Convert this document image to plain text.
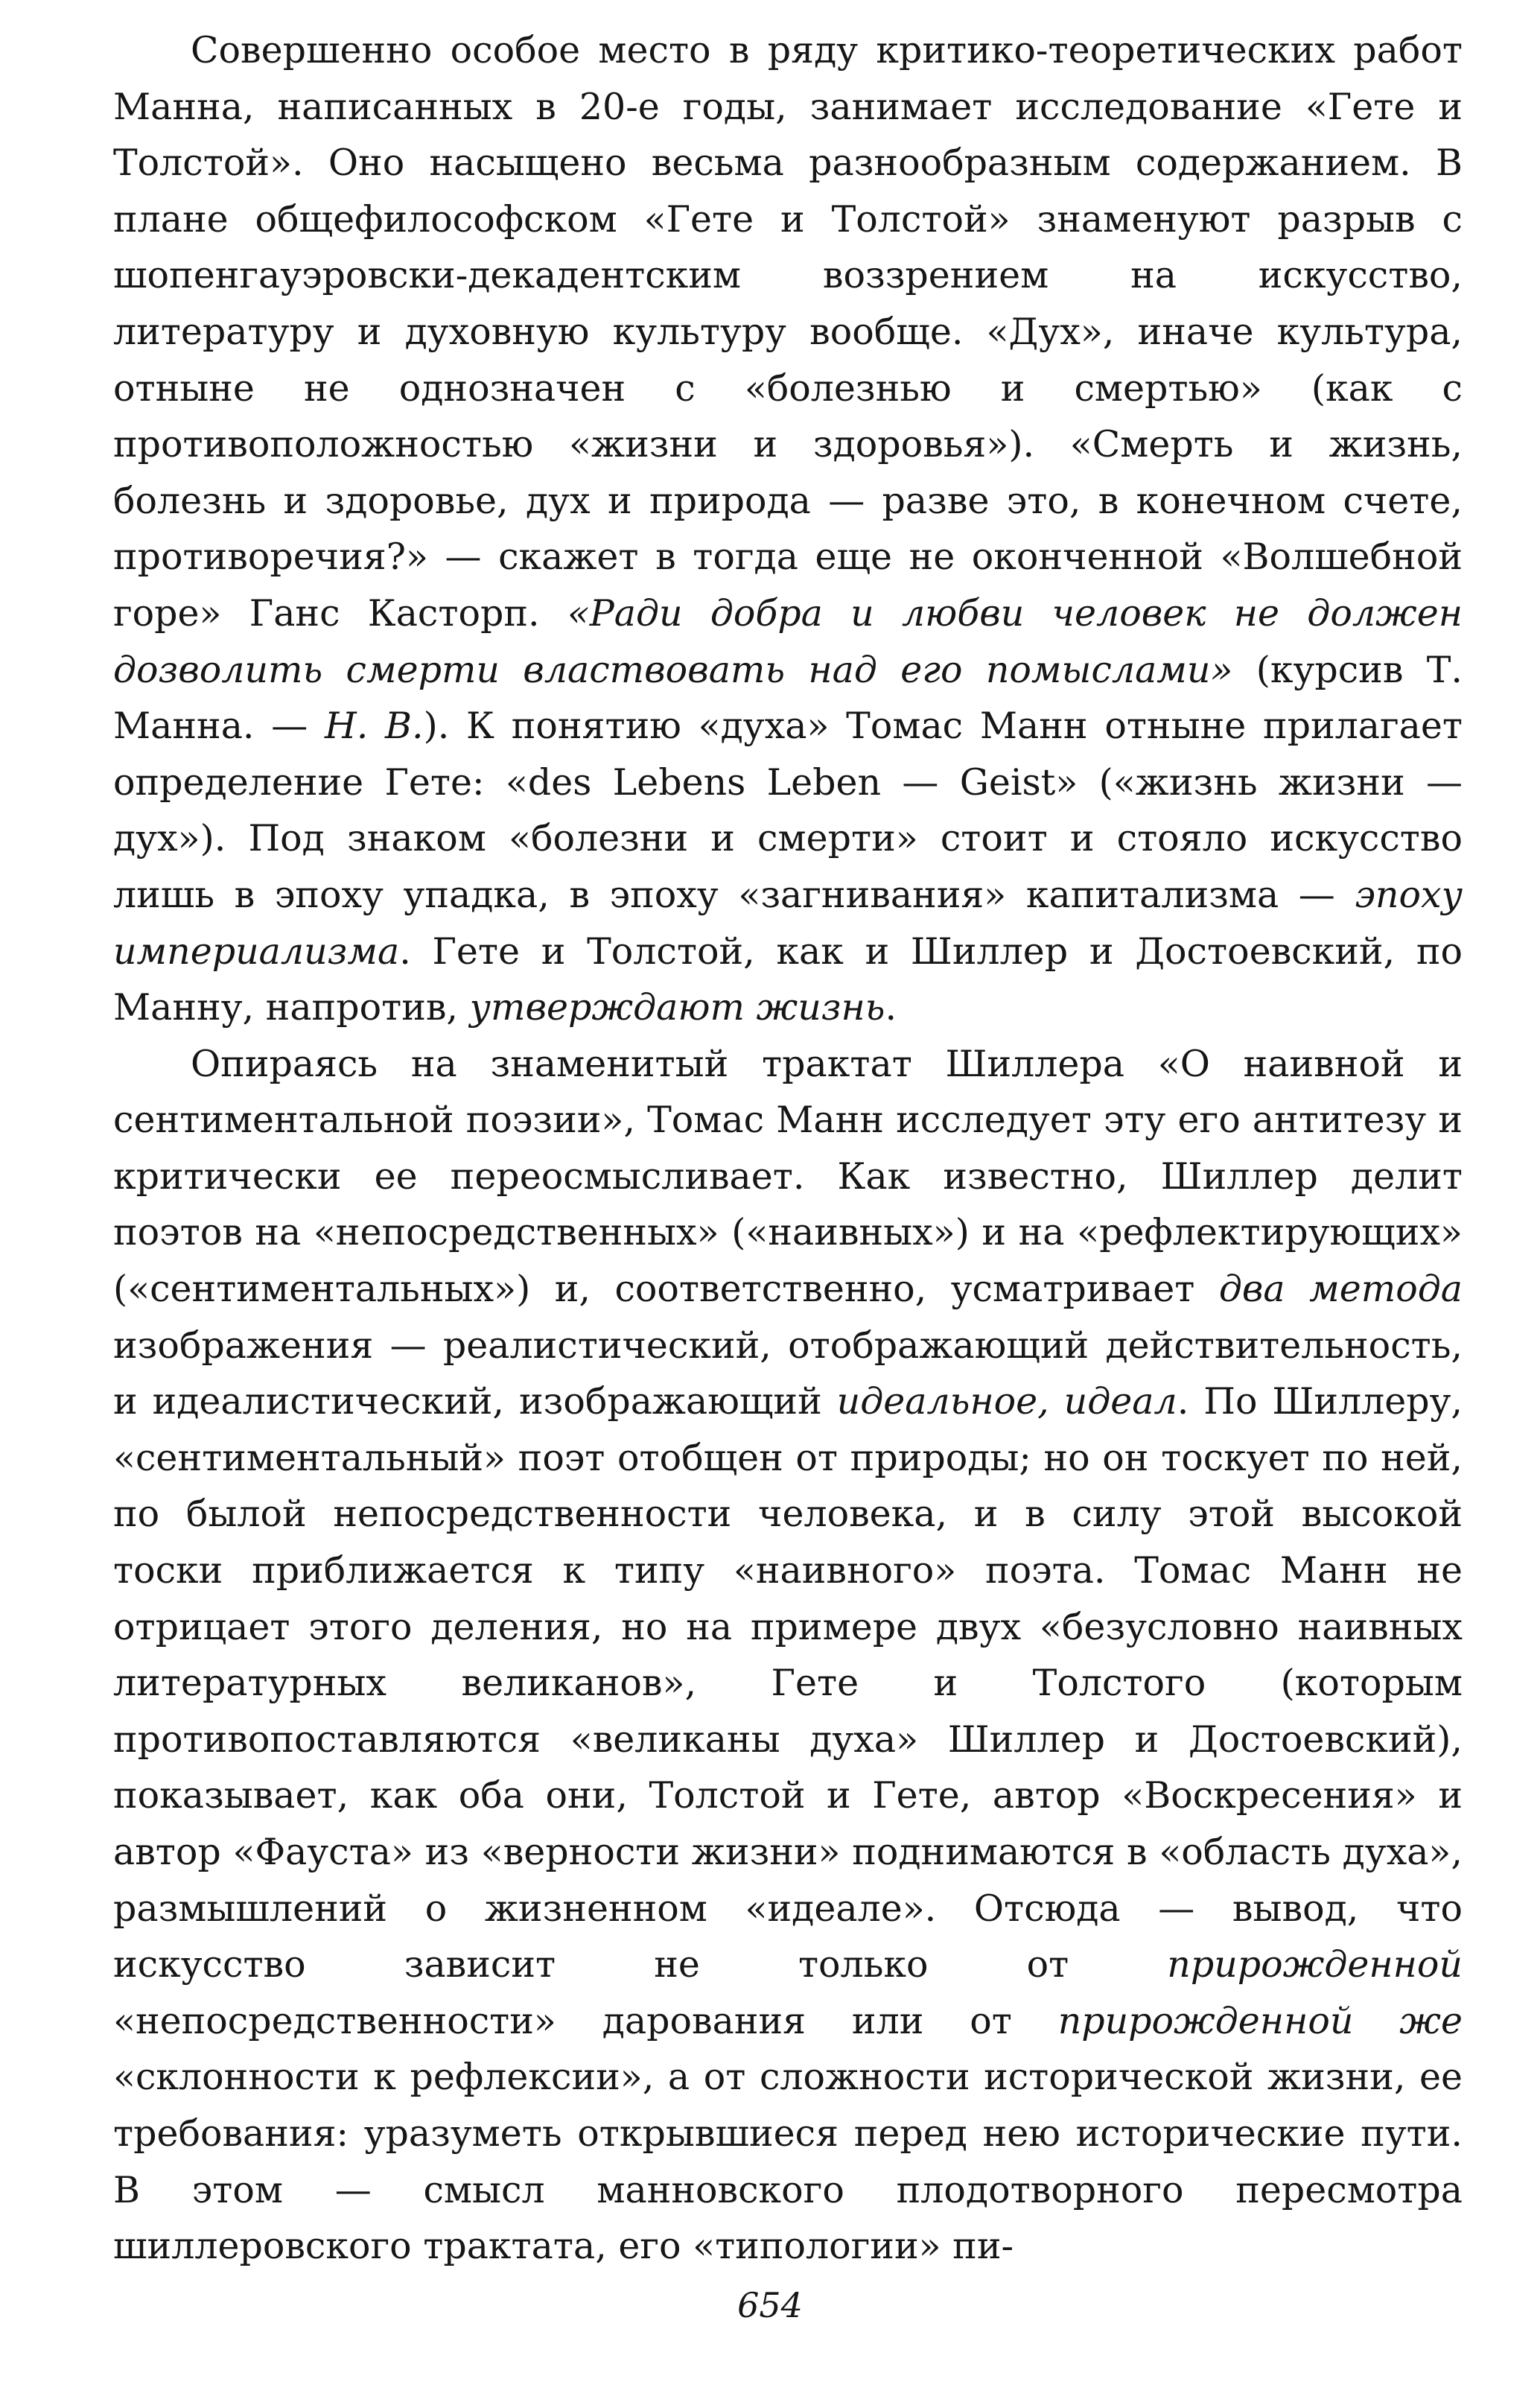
Совершенно особое место в ряду критико-теоретических работ Манна, написанных в 20-е годы, занимает исследование «Гете и Толстой». Оно насыщено весьма разнообразным содержанием. В плане общефилософском «Гете и Толстой» знаменуют разрыв с шопенгауэровски-декадентским воззрением на искусство, литературу и духовную культуру вообще. «Дух», иначе культура, отныне не однозначен с «болезнью и смертью» (как с противоположностью «жизни и здоровья»). «Смерть и жизнь, болезнь и здоровье, дух и природа — разве это, в конечном счете, противоречия?» — скажет в тогда еще не оконченной «Волшебной горе» Ганс Касторп. «Ради добра и любви человек не должен дозволить смерти властвовать над его помыслами» (курсив Т. Манна. — Н. В.). К понятию «духа» Томас Манн отныне прилагает определение Гете: «des Lebens Leben — Geist» («жизнь жизни — дух»). Под знаком «болезни и смерти» стоит и стояло искусство лишь в эпоху упадка, в эпоху «загнивания» капитализма — эпоху империализма. Гете и Толстой, как и Шиллер и Достоевский, по Манну, напротив, утверждают жизнь.

Опираясь на знаменитый трактат Шиллера «О наивной и сентиментальной поэзии», Томас Манн исследует эту его антитезу и критически ее переосмысливает. Как известно, Шиллер делит поэтов на «непосредственных» («наивных») и на «рефлектирующих» («сентиментальных») и, соответственно, усматривает два метода изображения — реалистический, отображающий действительность, и идеалистический, изображающий идеальное, идеал. По Шиллеру, «сентиментальный» поэт отобщен от природы; но он тоскует по ней, по былой непосредственности человека, и в силу этой высокой тоски приближается к типу «наивного» поэта. Томас Манн не отрицает этого деления, но на примере двух «безусловно наивных литературных великанов», Гете и Толстого (которым противопоставляются «великаны духа» Шиллер и Достоевский), показывает, как оба они, Толстой и Гете, автор «Воскресения» и автор «Фауста» из «верности жизни» поднимаются в «область духа», размышлений о жизненном «идеале». Отсюда — вывод, что искусство зависит не только от прирожденной «непосредственности» дарования или от прирожденной же «склонности к рефлексии», а от сложности исторической жизни, ее требования: уразуметь открывшиеся перед нею исторические пути. В этом — смысл манновского плодотворного пересмотра шиллеровского трактата, его «типологии» пи-

654
